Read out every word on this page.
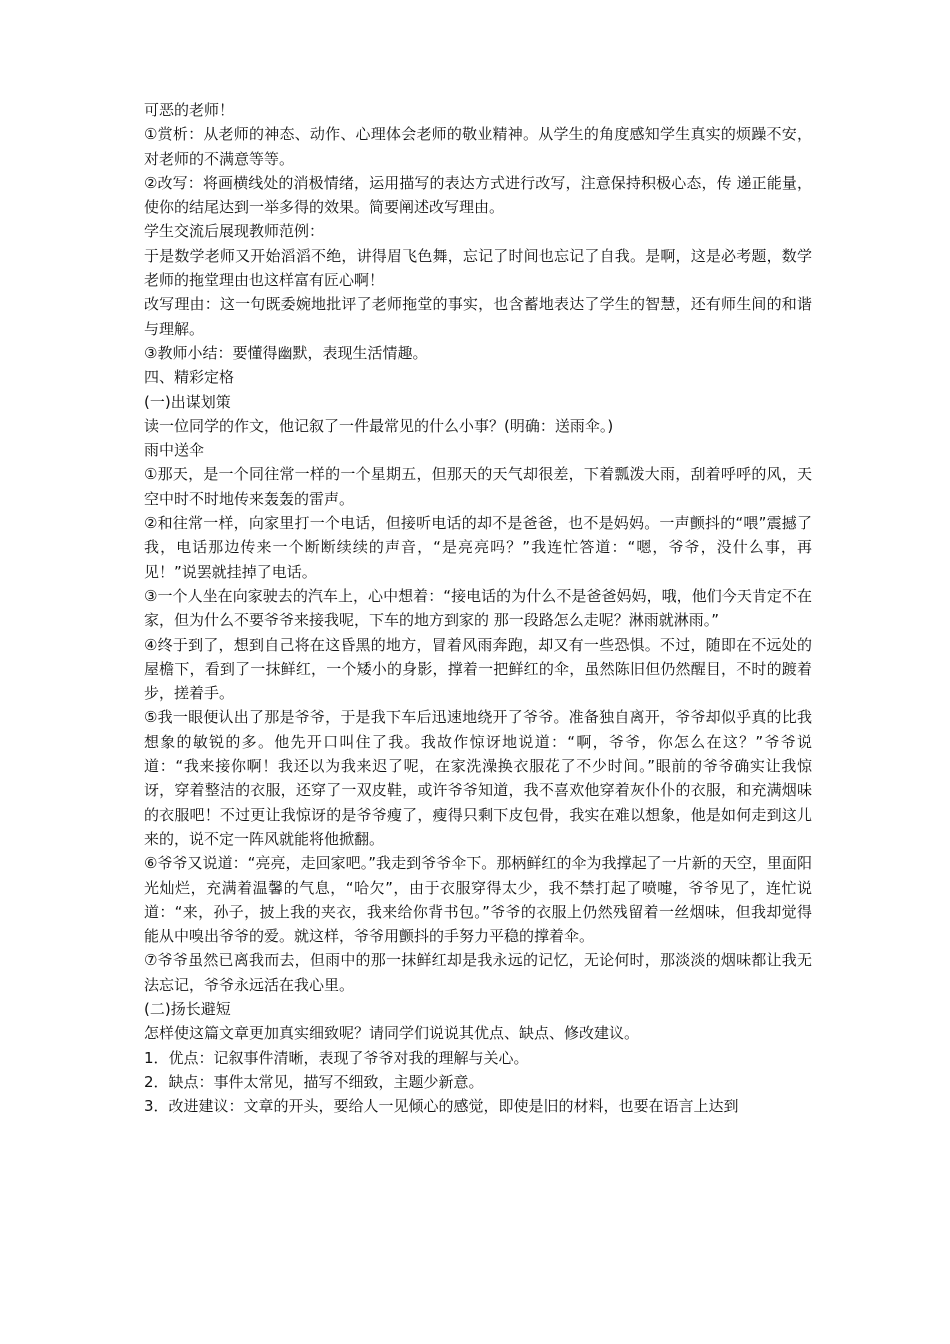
可恶的老师！

①赏析：从老师的神态、动作、心理体会老师的敬业精神。从学生的角度感知学生真实的烦躁不安，对老师的不满意等等。

②改写：将画横线处的消极情绪，运用描写的表达方式进行改写，注意保持积极心态，传 递正能量，使你的结尾达到一举多得的效果。简要阐述改写理由。

学生交流后展现教师范例：

于是数学老师又开始滔滔不绝，讲得眉飞色舞，忘记了时间也忘记了自我。是啊，这是必考题，数学老师的拖堂理由也这样富有匠心啊！

改写理由：这一句既委婉地批评了老师拖堂的事实，也含蓄地表达了学生的智慧，还有师生间的和谐与理解。

③教师小结：要懂得幽默，表现生活情趣。

四、精彩定格

(一)出谋划策

读一位同学的作文，他记叙了一件最常见的什么小事？(明确：送雨伞。)

雨中送伞

①那天，是一个同往常一样的一个星期五，但那天的天气却很差，下着瓢泼大雨，刮着呼呼的风，天空中时不时地传来轰轰的雷声。

②和往常一样，向家里打一个电话，但接听电话的却不是爸爸，也不是妈妈。一声颤抖的“喂”震撼了我，电话那边传来一个断断续续的声音，“是亮亮吗？”我连忙答道：“嗯，爷爷，没什么事，再见！”说罢就挂掉了电话。

③一个人坐在向家驶去的汽车上，心中想着：“接电话的为什么不是爸爸妈妈，哦，他们今天肯定不在家，但为什么不要爷爷来接我呢，下车的地方到家的 那一段路怎么走呢？淋雨就淋雨。”

④终于到了，想到自己将在这昏黑的地方，冒着风雨奔跑，却又有一些恐惧。不过，随即在不远处的屋檐下，看到了一抹鲜红，一个矮小的身影，撑着一把鲜红的伞，虽然陈旧但仍然醒目，不时的踱着步，搓着手。

⑤我一眼便认出了那是爷爷，于是我下车后迅速地绕开了爷爷。准备独自离开，爷爷却似乎真的比我想象的敏锐的多。他先开口叫住了我。我故作惊讶地说道：“啊，爷爷，你怎么在这？”爷爷说道：“我来接你啊！我还以为我来迟了呢，在家洗澡换衣服花了不少时间。”眼前的爷爷确实让我惊讶，穿着整洁的衣服，还穿了一双皮鞋，或许爷爷知道，我不喜欢他穿着灰仆仆的衣服，和充满烟味的衣服吧！不过更让我惊讶的是爷爷瘦了，瘦得只剩下皮包骨，我实在难以想象，他是如何走到这儿来的，说不定一阵风就能将他掀翻。

⑥爷爷又说道：“亮亮，走回家吧。”我走到爷爷伞下。那柄鲜红的伞为我撑起了一片新的天空，里面阳光灿烂，充满着温馨的气息，“哈欠”，由于衣服穿得太少，我不禁打起了喷嚏，爷爷见了，连忙说道：“来，孙子，披上我的夹衣，我来给你背书包。”爷爷的衣服上仍然残留着一丝烟味，但我却觉得能从中嗅出爷爷的爱。就这样，爷爷用颤抖的手努力平稳的撑着伞。

⑦爷爷虽然已离我而去，但雨中的那一抹鲜红却是我永远的记忆，无论何时，那淡淡的烟味都让我无法忘记，爷爷永远活在我心里。

(二)扬长避短

怎样使这篇文章更加真实细致呢？请同学们说说其优点、缺点、修改建议。

1．优点：记叙事件清晰，表现了爷爷对我的理解与关心。

2．缺点：事件太常见，描写不细致，主题少新意。

3．改进建议：文章的开头，要给人一见倾心的感觉，即使是旧的材料，也要在语言上达到
